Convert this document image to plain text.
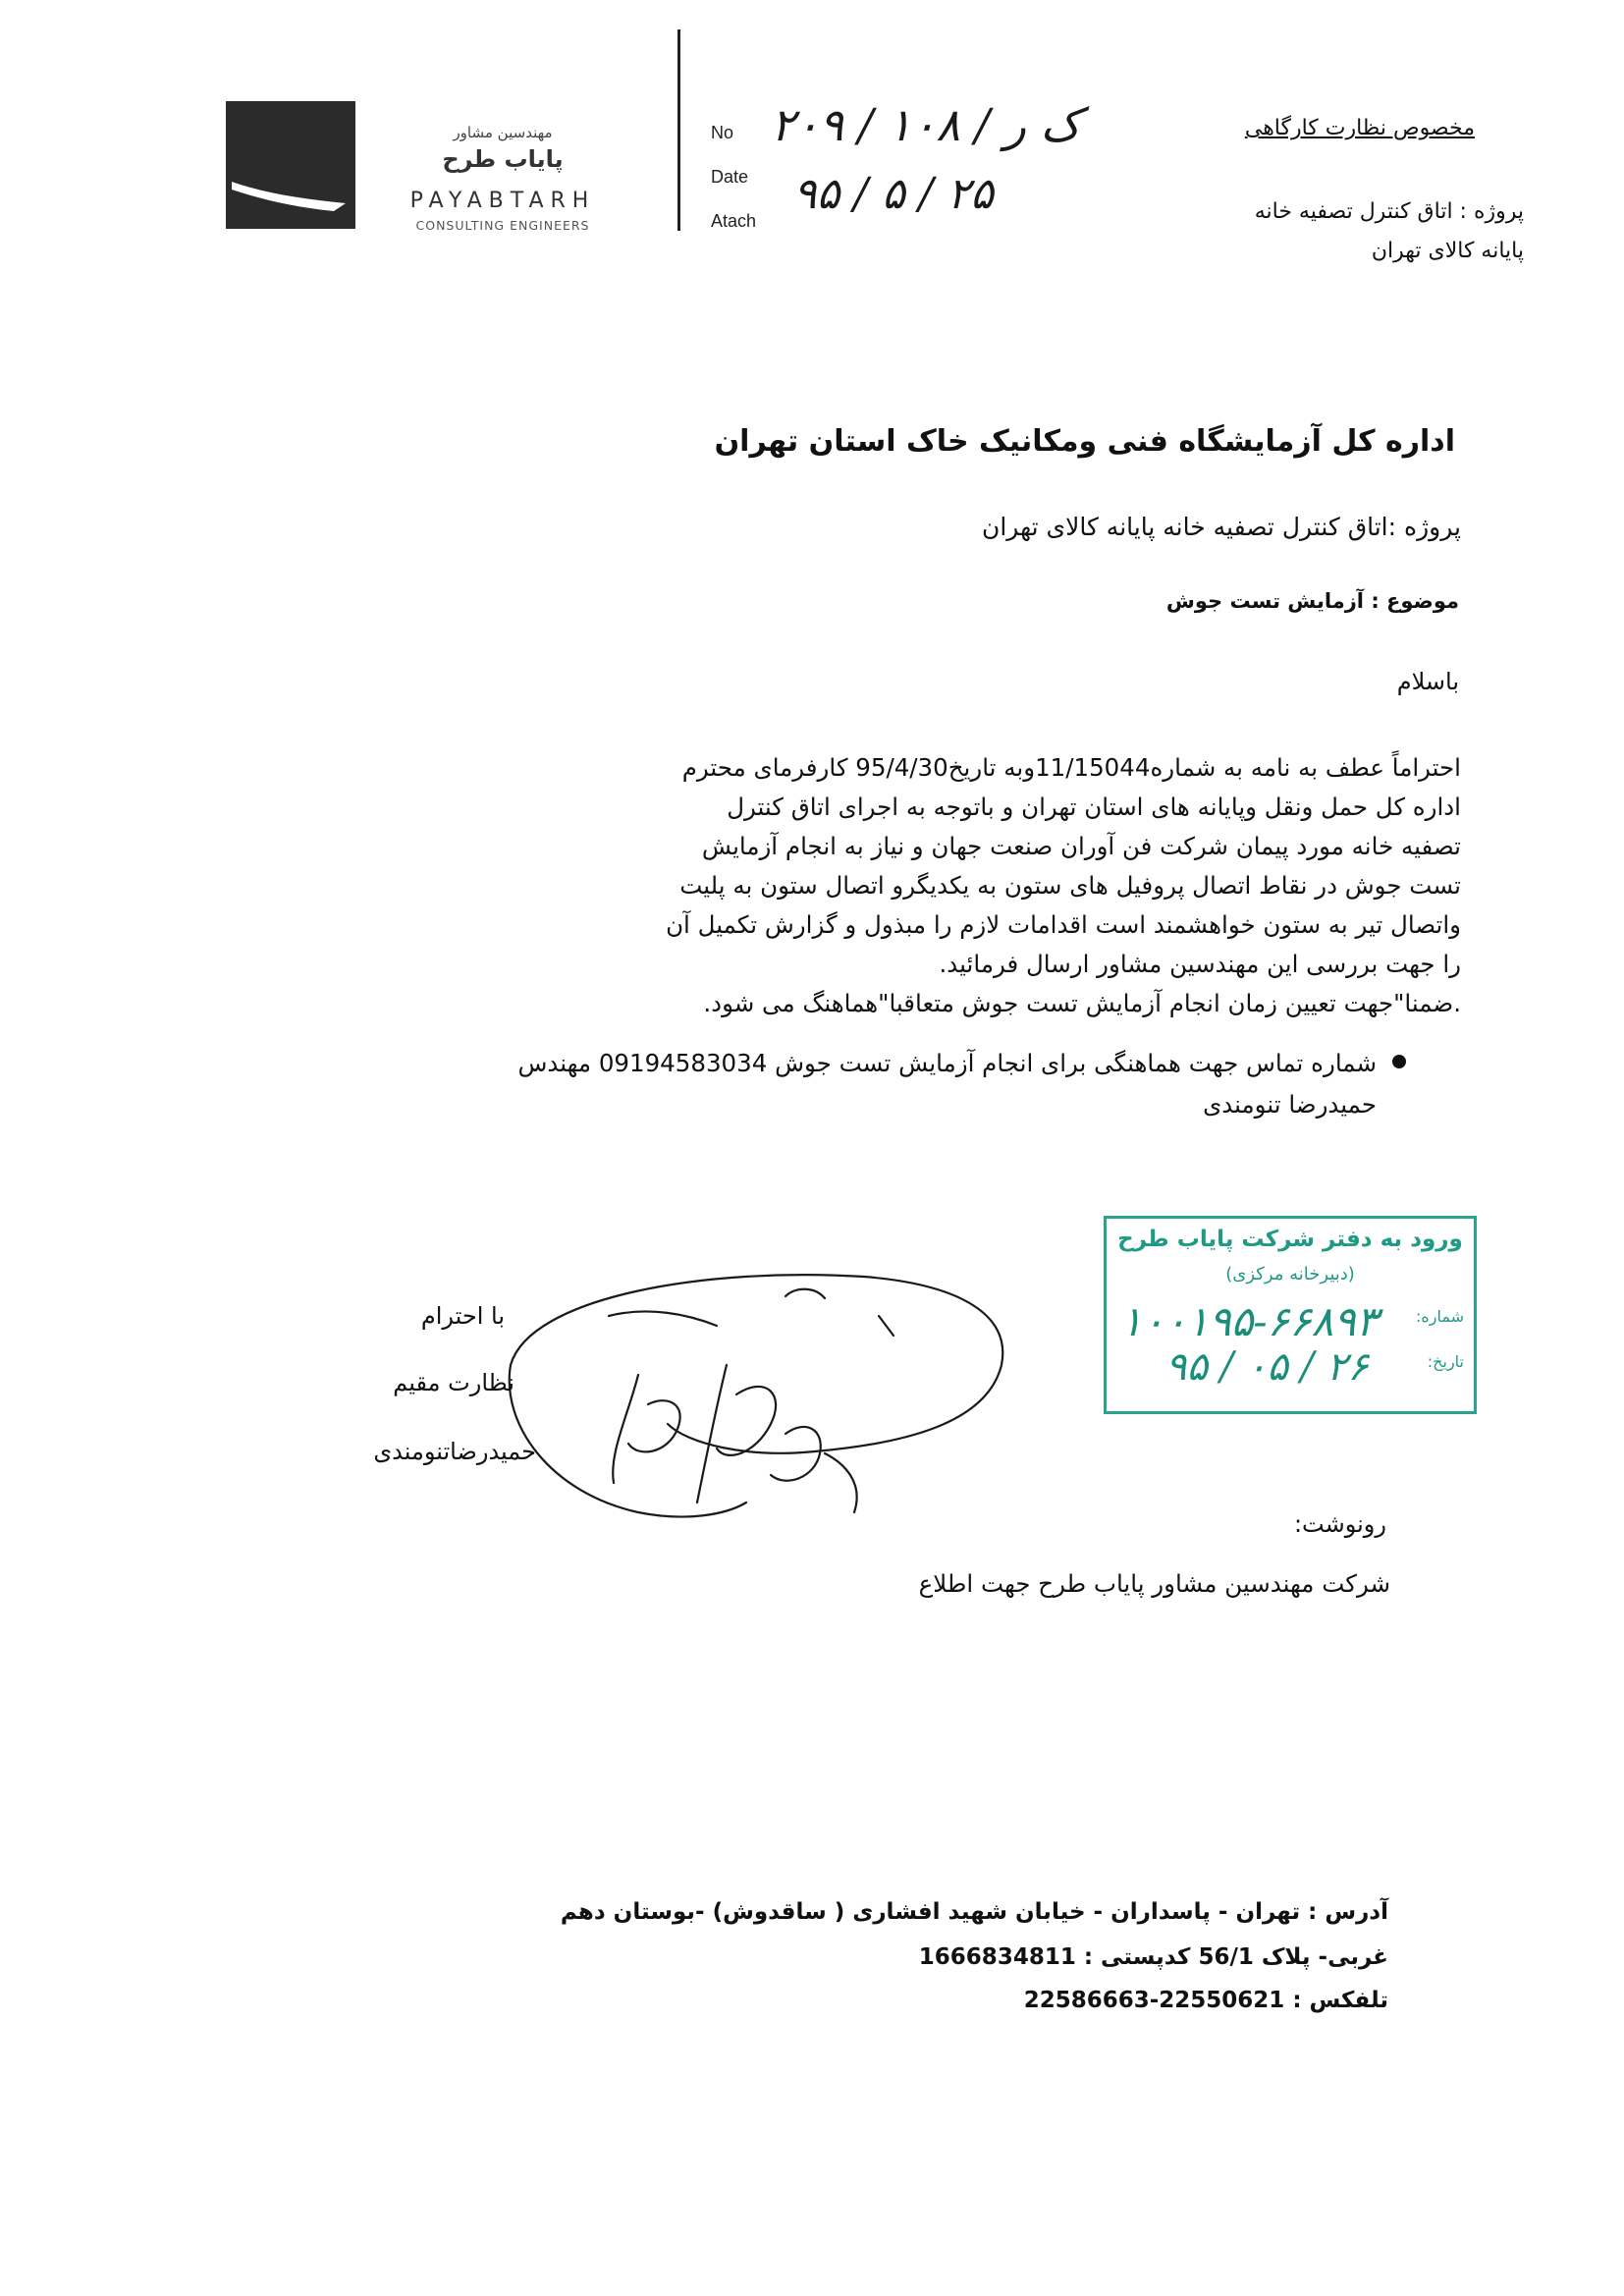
مهندسین مشاور
پایاب طرح
PAYABTARH
CONSULTING ENGINEERS
No
Date
Atach
۲۰۹ / ک ر / ۱۰۸
۹۵ / ۵ / ۲۵
مخصوص نظارت کارگاهی
پروژه : اتاق کنترل تصفیه خانه
پایانه کالای تهران
اداره کل آزمایشگاه فنی ومکانیک خاک استان تهران
پروژه :اتاق کنترل تصفیه خانه پایانه کالای تهران
موضوع : آزمایش تست جوش
باسلام

احتراماً عطف به نامه به شماره11/15044وبه تاریخ95/4/30 کارفرمای محترم

اداره کل حمل ونقل وپایانه های استان تهران و باتوجه به اجرای اتاق کنترل

تصفیه خانه مورد پیمان شرکت فن آوران صنعت جهان و نیاز به انجام آزمایش

تست جوش در نقاط اتصال پروفیل های ستون به یکدیگرو اتصال ستون به پلیت

واتصال تیر به ستون خواهشمند است اقدامات لازم را مبذول و گزارش تکمیل آن

را جهت بررسی این مهندسین مشاور ارسال فرمائید.

.ضمنا"جهت تعیین زمان انجام آزمایش تست جوش متعاقبا"هماهنگ می شود.

شماره تماس جهت هماهنگی برای انجام آزمایش تست جوش 09194583034 مهندس
حمیدرضا تنومندی
ورود به دفتر شرکت پایاب طرح
(دبیرخانه مرکزی)
شماره:
تاریخ:
۱۰۰۱۹۵-۶۶۸۹۳
۹۵ / ۰۵ / ۲۶
با احترام
نظارت مقیم
حمیدرضاتنومندی
رونوشت:
شرکت مهندسین مشاور پایاب طرح جهت اطلاع
آدرس : تهران - پاسداران - خیابان شهید افشاری ( ساقدوش) -بوستان دهم
غربی- پلاک 56/1 کدپستی : 1666834811
تلفکس : 22550621-22586663
